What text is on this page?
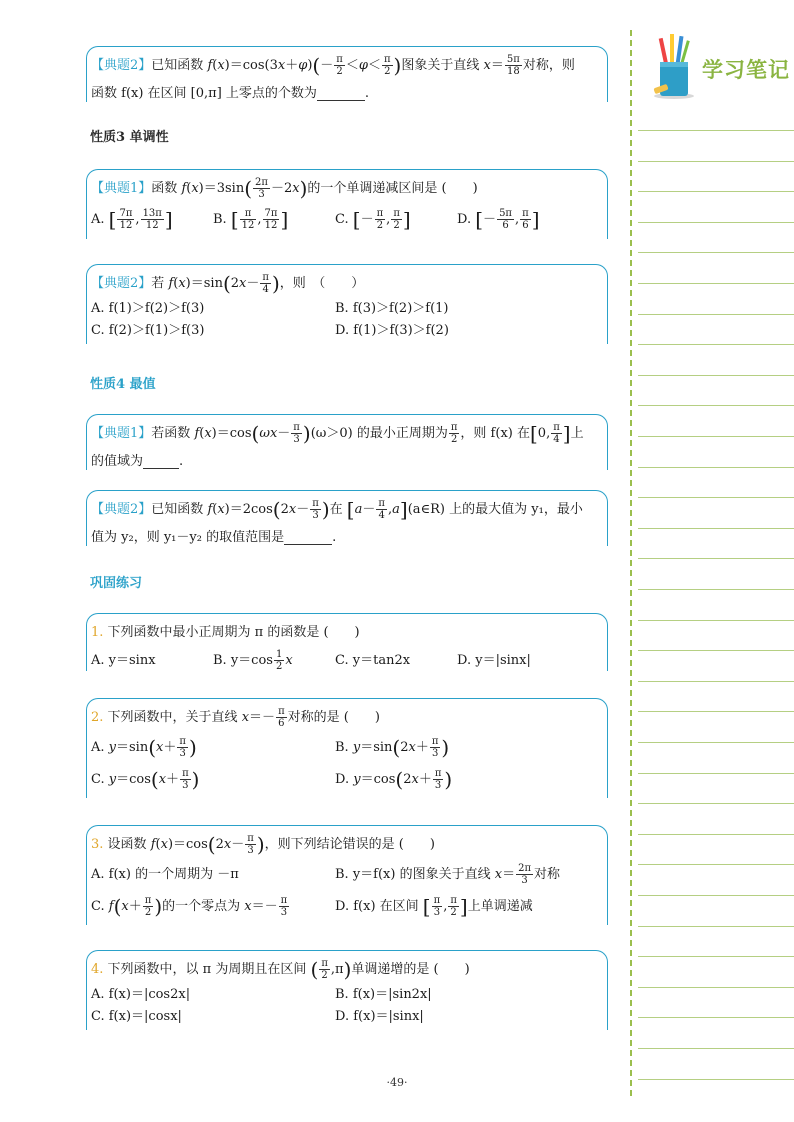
【典题2】已知函数 $f(x)=\cos(3x+\varphi)(- \frac{\pi}{2} <\varphi< \frac{\pi}{2}$ )图象关于直线 $x= \frac{5\pi}{18}$ 对称，则
函数 f(x) 在区间 [0,π] 上零点的个数为	.
性质3 单调性
【典题1】函数 $f(x)=3\sin( \frac{2\pi}{3} -2x)$的一个单调递减区间是 (　　)
A. [ $\frac{7\pi}{12}$ , $\frac{13\pi}{12}$ ]	B. [ $\frac{\pi}{12}$ , $\frac{7\pi}{12}$ ]	C. [－ $\frac{\pi}{2}$ , $\frac{\pi}{2}$ ]	D. [－ $\frac{5\pi}{6}$ , $\frac{\pi}{6}$ ]
【典题2】若 $f(x)=\sin(2x- \frac{\pi}{4}$ )，则　（　　）
A. f(1)＞f(2)＞f(3)	B. f(3)＞f(2)＞f(1)
C. f(2)＞f(1)＞f(3)	D. f(1)＞f(3)＞f(2)
性质4 最值
【典题1】若函数 $f(x)=\cos(\omega x- \frac{\pi}{3} )(\omega>0)$ 的最小正周期为 $\frac{\pi}{2}$ ，则 f(x) 在[0, $\frac{\pi}{4}$ ]上
的值域为	.
【典题2】已知函数 $f(x)=2\cos(2x- \frac{\pi}{3}$ )在 [$a- \frac{\pi}{4}$ ,a](a∈R) 上的最大值为 y₁，最小
值为 y₂，则 y₁－y₂ 的取值范围是	.
巩固练习
1. 下列函数中最小正周期为 π 的函数是 (　　)
A. y＝sinx	B. $y=\cos \frac{1}{2}$ x	C. y＝tan2x	D. y＝|sinx|
2. 下列函数中，关于直线 $x=- \frac{\pi}{6}$ 对称的是 (　　)
A. $y=\sin(x+ \frac{\pi}{3}$ )	B. $y=\sin(2x+ \frac{\pi}{3}$ )
C. $y=\cos(x+ \frac{\pi}{3}$ )	D. $y=\cos(2x+ \frac{\pi}{3}$ )
3. 设函数 $f(x)=\cos(2x- \frac{\pi}{3}$ )，则下列结论错误的是 (　　)
A. f(x) 的一个周期为 －π	B. y＝f(x) 的图象关于直线 $x= \frac{2\pi}{3}$ 对称
C. $f(x+ \frac{\pi}{2}$ )的一个零点为 $x=- \frac{\pi}{3}$	D. f(x) 在区间 [ $\frac{\pi}{3}$ , $\frac{\pi}{2}$ ]上单调递减
4. 下列函数中，以 π 为周期且在区间 ( $\frac{\pi}{2} ,\pi$)单调递增的是 (　　)
A. f(x)＝|cos2x|	B. f(x)＝|sin2x|
C. f(x)＝|cosx|	D. f(x)＝|sinx|
学习笔记
·49·
